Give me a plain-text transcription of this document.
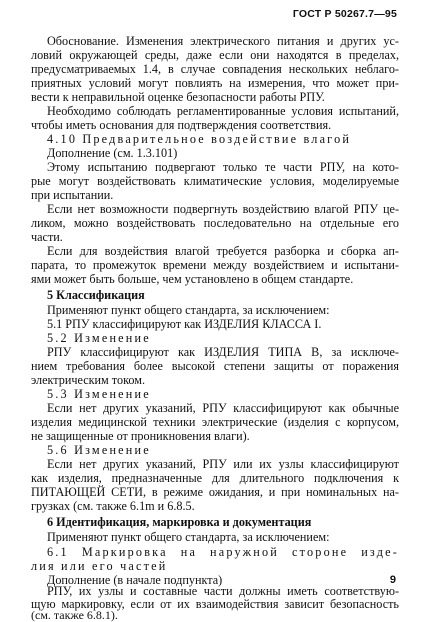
ГОСТ Р 50267.7—95
Обоснование. Изменения электрического питания и других ус-
ловий окружающей среды, даже если они находятся в пределах,
предусматриваемых 1.4, в случае совпадения нескольких неблаго-
приятных условий могут повлиять на измерения, что может при-
вести к неправильной оценке безопасности работы РПУ.
Необходимо соблюдать регламентированные условия испытаний,
чтобы иметь основания для подтверждения соответствия.
4.10 Предварительное воздействие влагой
Дополнение (см. 1.3.101)
Этому испытанию подвергают только те части РПУ, на кото-
рые могут воздействовать климатические условия, моделируемые
при испытании.
Если нет возможности подвергнуть воздействию влагой РПУ це-
ликом, можно воздействовать последовательно на отдельные его
части.
Если для воздействия влагой требуется разборка и сборка ап-
парата, то промежуток времени между воздействием и испытани-
ями может быть больше, чем установлено в общем стандарте.
5 Классификация
Применяют пункт общего стандарта, за исключением:
5.1 РПУ классифицируют как ИЗДЕЛИЯ КЛАССА I.
5.2 Изменение
РПУ классифицируют как ИЗДЕЛИЯ ТИПА В, за исключе-
нием требования более высокой степени защиты от поражения
электрическим током.
5.3 Изменение
Если нет других указаний, РПУ классифицируют как обычные
изделия медицинской техники электрические (изделия с корпусом,
не защищенные от проникновения влаги).
5.6 Изменение
Если нет других указаний, РПУ или их узлы классифицируют
как изделия, предназначенные для длительного подключения к
ПИТАЮЩЕЙ СЕТИ, в режиме ожидания, и при номинальных на-
грузках (см. также 6.1m и 6.8.5.
6 Идентификация, маркировка и документация
Применяют пункт общего стандарта, за исключением:
6.1 Маркировка на наружной стороне изде-
лия или его частей
Дополнение (в начале подпункта)
РПУ, их узлы и составные части должны иметь соответствую-
щую маркировку, если от их взаимодействия зависит безопасность
9
(см. также 6.8.1).
